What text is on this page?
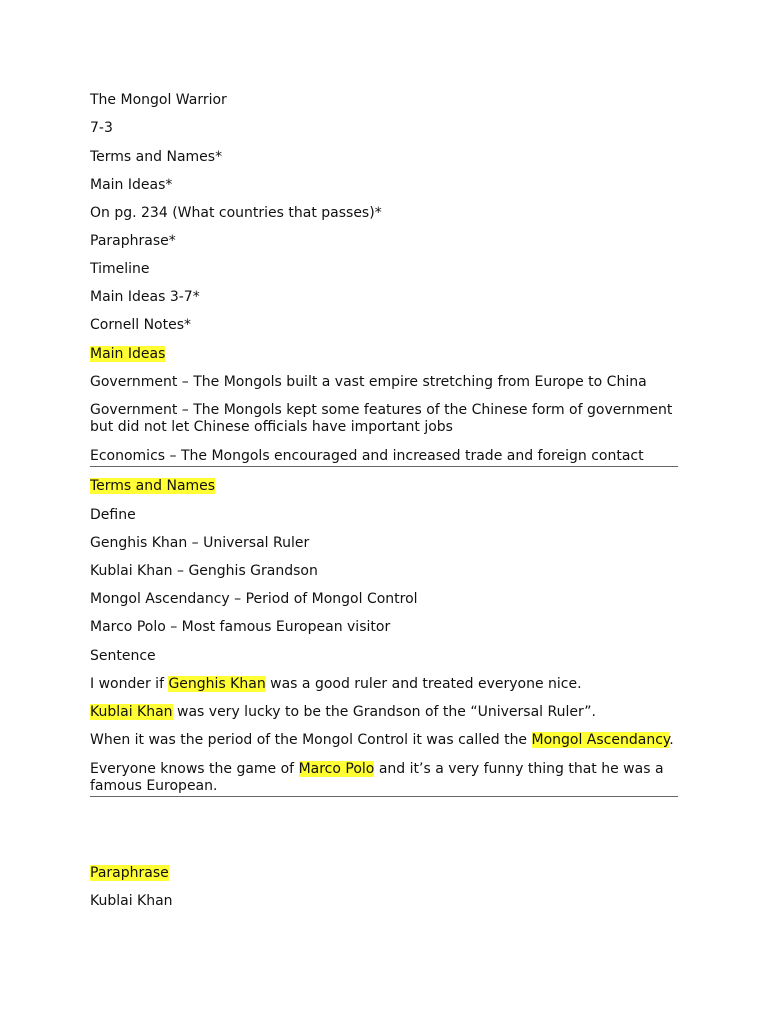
The Mongol Warrior
7-3
Terms and Names*
Main Ideas*
On pg. 234 (What countries that passes)*
Paraphrase*
Timeline
Main Ideas 3-7*
Cornell Notes*
Main Ideas
Government – The Mongols built a vast empire stretching from Europe to China
Government – The Mongols kept some features of the Chinese form of government but did not let Chinese officials have important jobs
Economics – The Mongols encouraged and increased trade and foreign contact
Terms and Names
Define
Genghis Khan – Universal Ruler
Kublai Khan – Genghis Grandson
Mongol Ascendancy – Period of Mongol Control
Marco Polo – Most famous European visitor
Sentence
I wonder if Genghis Khan was a good ruler and treated everyone nice.
Kublai Khan was very lucky to be the Grandson of the “Universal Ruler”.
When it was the period of the Mongol Control it was called the Mongol Ascendancy.
Everyone knows the game of Marco Polo and it’s a very funny thing that he was a famous European.
Paraphrase
Kublai Khan
